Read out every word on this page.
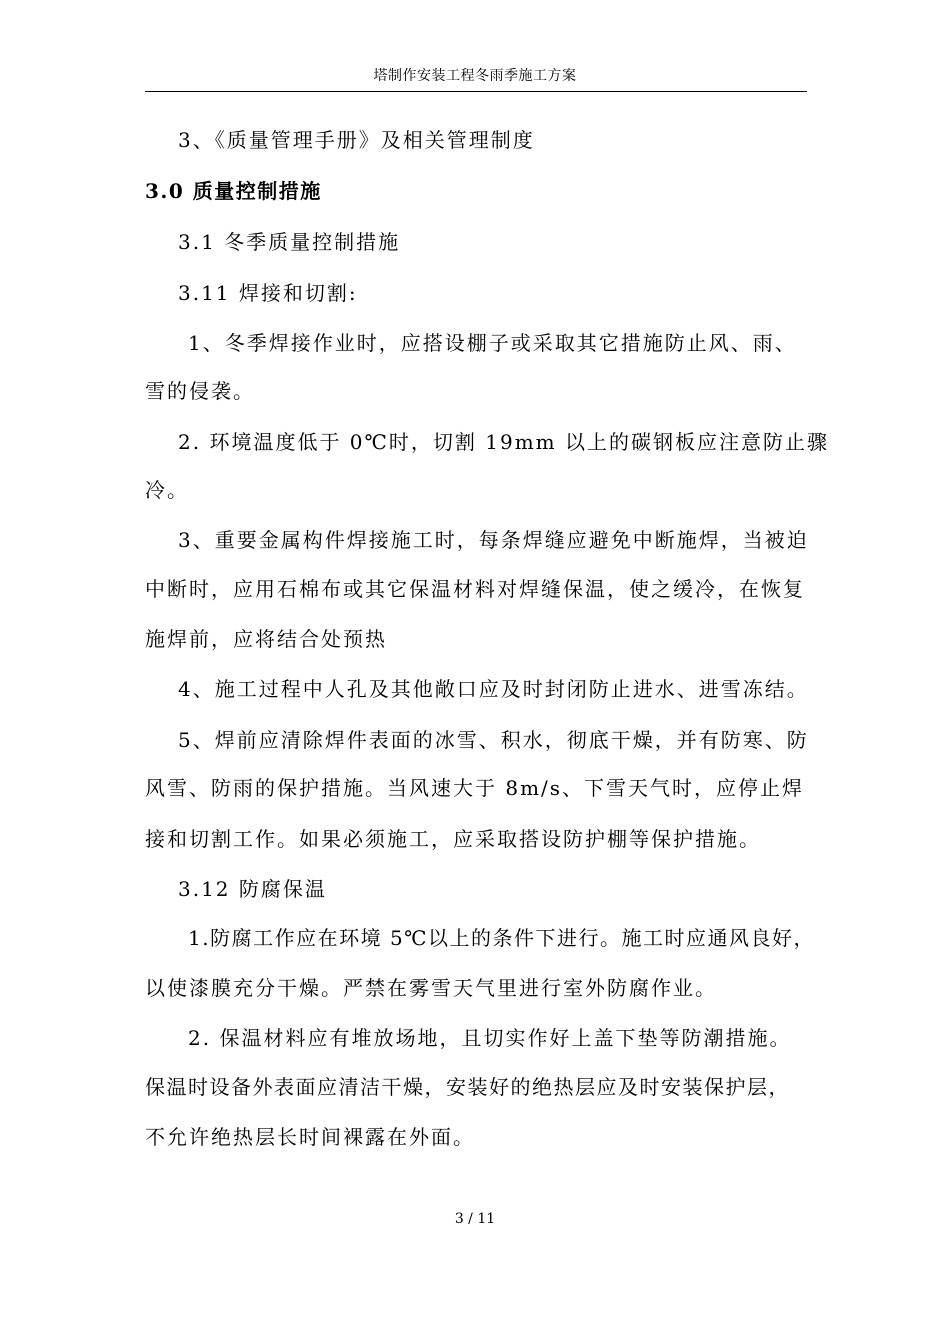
塔制作安装工程冬雨季施工方案
3、《质量管理手册》及相关管理制度
3.0 质量控制措施
3.1 冬季质量控制措施
3.11 焊接和切割:
1、冬季焊接作业时，应搭设棚子或采取其它措施防止风、雨、
雪的侵袭。
2. 环境温度低于 0℃时，切割 19mm 以上的碳钢板应注意防止骤
冷。
3、重要金属构件焊接施工时，每条焊缝应避免中断施焊，当被迫
中断时，应用石棉布或其它保温材料对焊缝保温，使之缓冷，在恢复
施焊前，应将结合处预热
4、施工过程中人孔及其他敞口应及时封闭防止进水、进雪冻结。
5、焊前应清除焊件表面的冰雪、积水，彻底干燥，并有防寒、防
风雪、防雨的保护措施。当风速大于 8m/s、下雪天气时，应停止焊
接和切割工作。如果必须施工，应采取搭设防护棚等保护措施。
3.12 防腐保温
1.防腐工作应在环境 5℃以上的条件下进行。施工时应通风良好，
以使漆膜充分干燥。严禁在雾雪天气里进行室外防腐作业。
2. 保温材料应有堆放场地，且切实作好上盖下垫等防潮措施。
保温时设备外表面应清洁干燥，安装好的绝热层应及时安装保护层，
不允许绝热层长时间裸露在外面。
3 / 11
